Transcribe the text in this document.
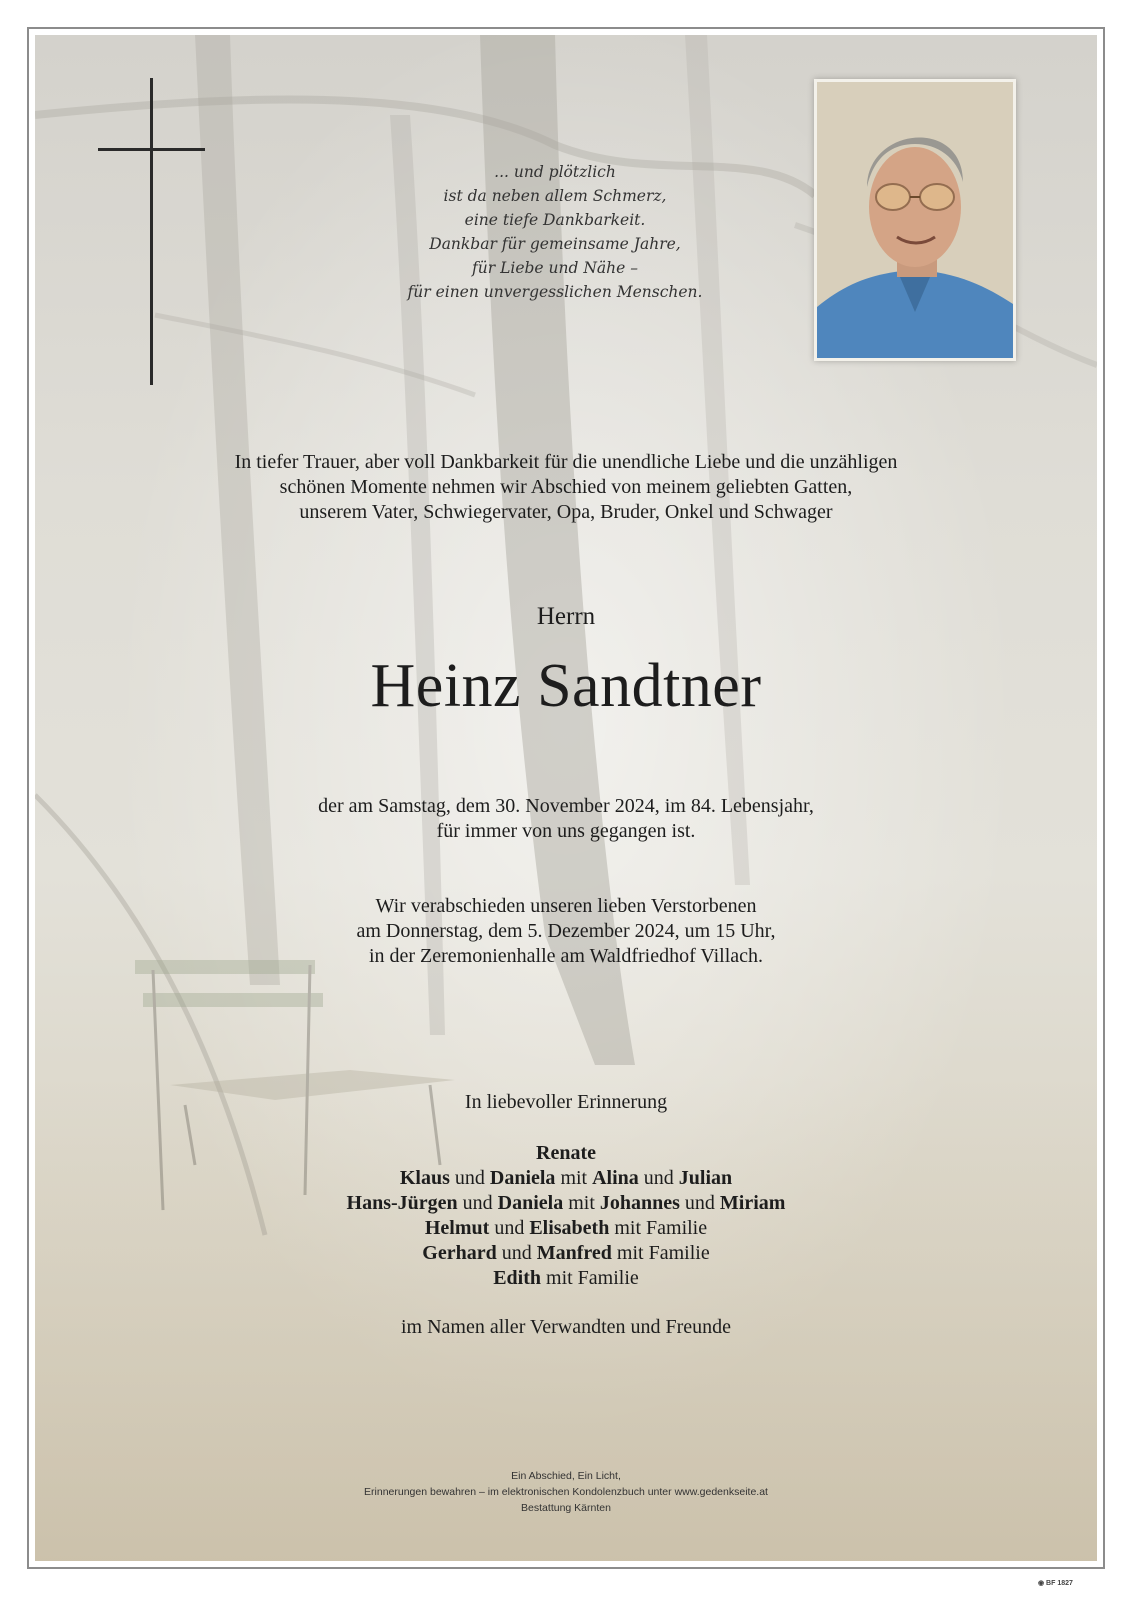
... und plötzlich
ist da neben allem Schmerz,
eine tiefe Dankbarkeit.
Dankbar für gemeinsame Jahre,
für Liebe und Nähe –
für einen unvergesslichen Menschen.
In tiefer Trauer, aber voll Dankbarkeit für die unendliche Liebe und die unzähligen
schönen Momente nehmen wir Abschied von meinem geliebten Gatten,
unserem Vater, Schwiegervater, Opa, Bruder, Onkel und Schwager
Herrn
Heinz Sandtner
der am Samstag, dem 30. November 2024, im 84. Lebensjahr,
für immer von uns gegangen ist.
Wir verabschieden unseren lieben Verstorbenen
am Donnerstag, dem 5. Dezember 2024, um 15 Uhr,
in der Zeremonienhalle am Waldfriedhof Villach.
In liebevoller Erinnerung
Renate
Klaus und Daniela mit Alina und Julian
Hans-Jürgen und Daniela mit Johannes und Miriam
Helmut und Elisabeth mit Familie
Gerhard und Manfred mit Familie
Edith mit Familie
im Namen aller Verwandten und Freunde
Ein Abschied, Ein Licht,
Erinnerungen bewahren – im elektronischen Kondolenzbuch unter www.gedenkseite.at
Bestattung Kärnten
◉ BF 1827
